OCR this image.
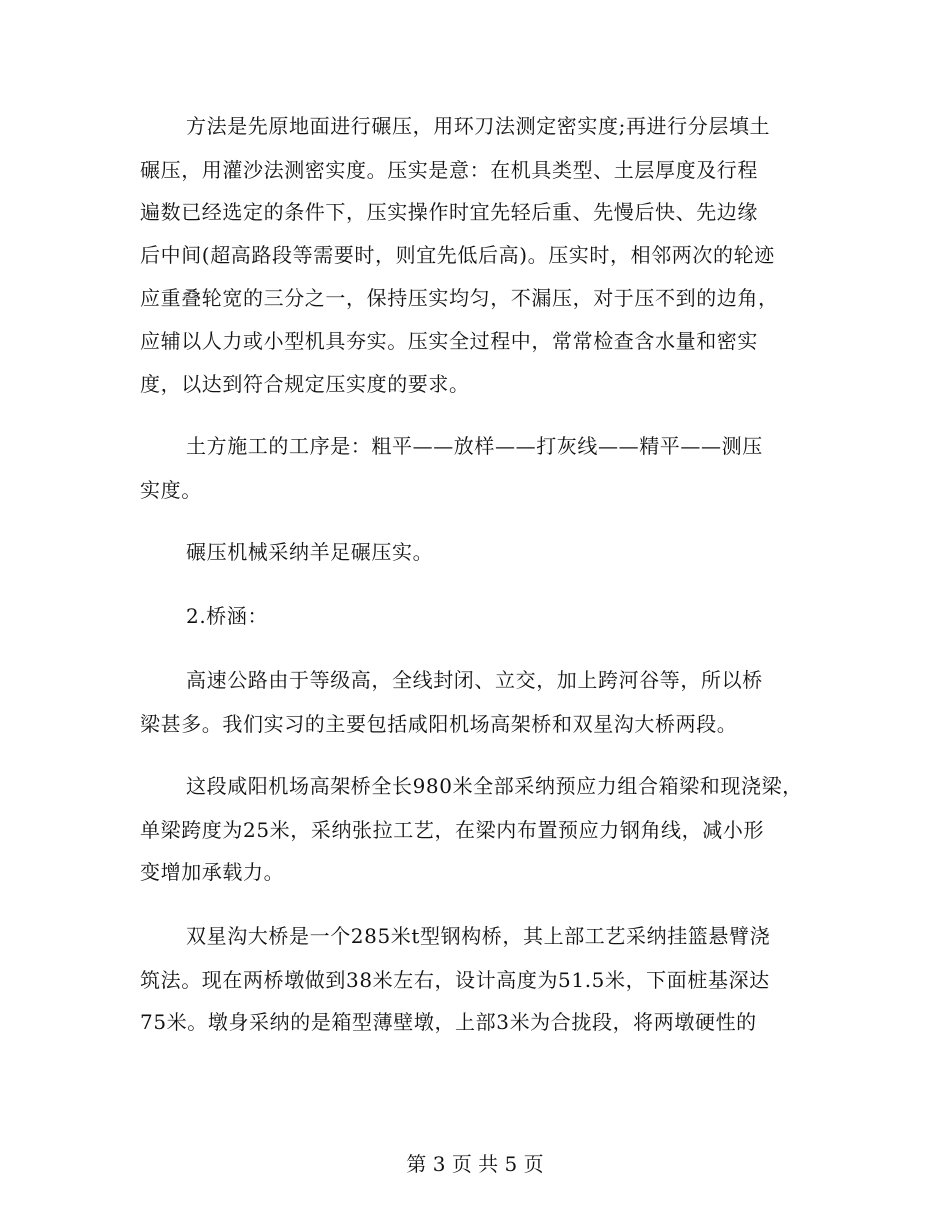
方法是先原地面进行碾压，用环刀法测定密实度;再进行分层填土
碾压，用灌沙法测密实度。压实是意：在机具类型、土层厚度及行程
遍数已经选定的条件下，压实操作时宜先轻后重、先慢后快、先边缘
后中间(超高路段等需要时，则宜先低后高)。压实时，相邻两次的轮迹
应重叠轮宽的三分之一，保持压实均匀，不漏压，对于压不到的边角，
应辅以人力或小型机具夯实。压实全过程中，常常检查含水量和密实
度，以达到符合规定压实度的要求。
土方施工的工序是：粗平——放样——打灰线——精平——测压
实度。
碾压机械采纳羊足碾压实。
2.桥涵：
高速公路由于等级高，全线封闭、立交，加上跨河谷等，所以桥
梁甚多。我们实习的主要包括咸阳机场高架桥和双星沟大桥两段。
这段咸阳机场高架桥全长980米全部采纳预应力组合箱梁和现浇梁，
单梁跨度为25米，采纳张拉工艺，在梁内布置预应力钢角线，减小形
变增加承载力。
双星沟大桥是一个285米t型钢构桥，其上部工艺采纳挂篮悬臂浇
筑法。现在两桥墩做到38米左右，设计高度为51.5米，下面桩基深达
75米。墩身采纳的是箱型薄壁墩，上部3米为合拢段，将两墩硬性的
第 3 页 共 5 页
